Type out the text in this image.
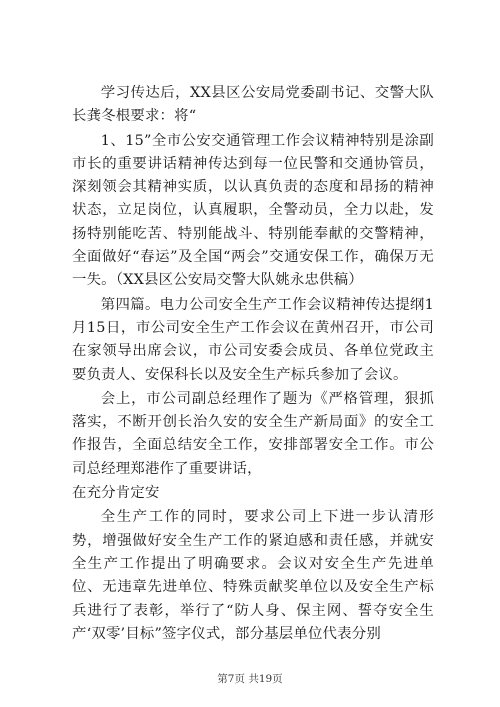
学习传达后，XX县区公安局党委副书记、交警大队长龚冬根要求：将“

1、15”全市公安交通管理工作会议精神特别是涂副市长的重要讲话精神传达到每一位民警和交通协管员，深刻领会其精神实质，以认真负责的态度和昂扬的精神状态，立足岗位，认真履职，全警动员，全力以赴，发扬特别能吃苦、特别能战斗、特别能奉献的交警精神，全面做好“春运”及全国“两会”交通安保工作，确保万无一失。（XX县区公安局交警大队姚永忠供稿）

第四篇。电力公司安全生产工作会议精神传达提纲1月15日，市公司安全生产工作会议在黄州召开，市公司在家领导出席会议，市公司安委会成员、各单位党政主要负责人、安保科长以及安全生产标兵参加了会议。

会上，市公司副总经理作了题为《严格管理，狠抓落实，不断开创长治久安的安全生产新局面》的安全工作报告，全面总结安全工作，安排部署安全工作。市公司总经理郑港作了重要讲话，

在充分肯定安

全生产工作的同时，要求公司上下进一步认清形势，增强做好安全生产工作的紧迫感和责任感，并就安全生产工作提出了明确要求。会议对安全生产先进单位、无违章先进单位、特殊贡献奖单位以及安全生产标兵进行了表彰，举行了“防人身、保主网、誓夺安全生产‘双零’目标”签字仪式，部分基层单位代表分别

第7页 共19页
